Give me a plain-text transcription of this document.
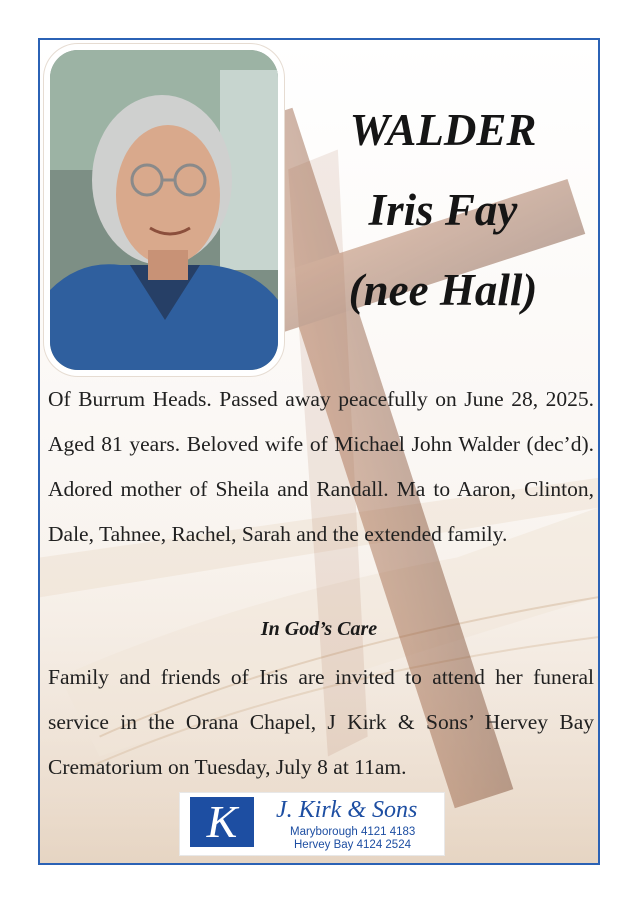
WALDER
Iris Fay
(nee Hall)
Of Burrum Heads. Passed away peacefully on June 28, 2025. Aged 81 years. Beloved wife of Michael John Walder (dec’d). Adored mother of Sheila and Randall. Ma to Aaron, Clinton, Dale, Tahnee, Rachel, Sarah and the extended family.
In God’s Care
Family and friends of Iris are invited to attend her funeral service in the Orana Chapel, J Kirk & Sons’ Hervey Bay Crematorium on Tuesday, July 8 at 11am.
K	J. Kirk & Sons
Maryborough 4121 4183
Hervey Bay 4124 2524
